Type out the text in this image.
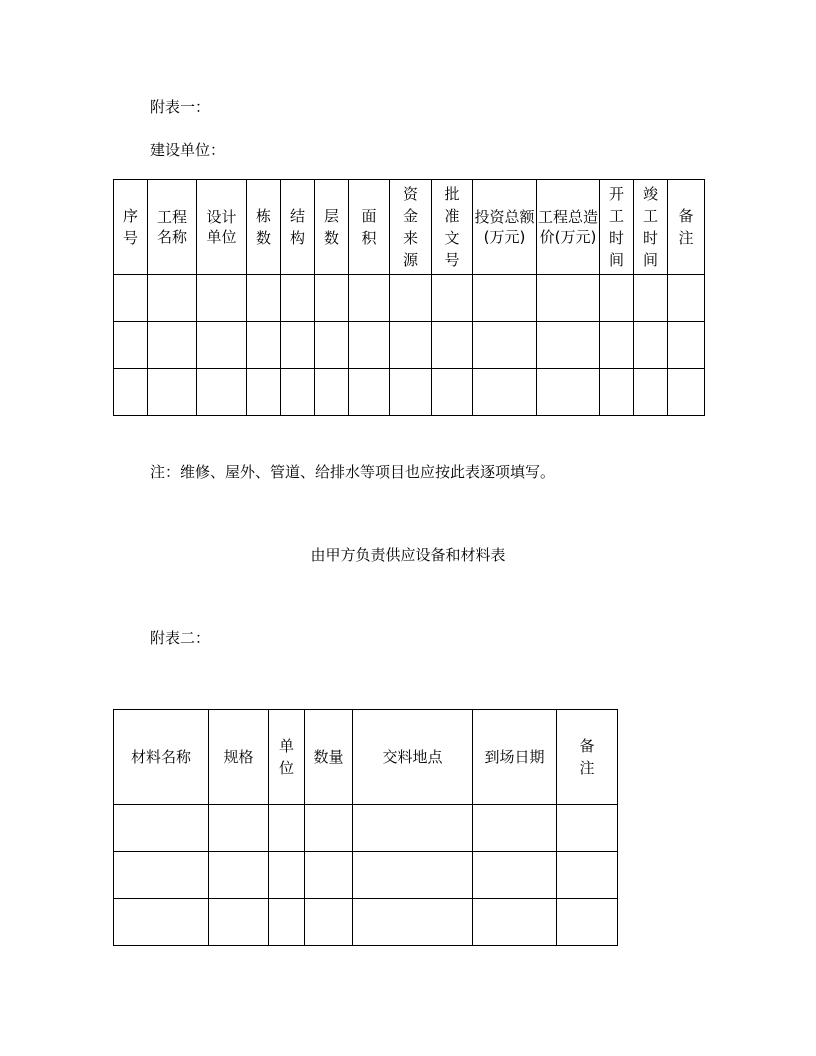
附表一：
建设单位：
序号	工程名称	设计单位	栋数	结构	层数	面积	资金来源	批准文号	投资总额(万元)	工程总造价(万元)	开工时间	竣工时间	备注

注：维修、屋外、管道、给排水等项目也应按此表逐项填写。
由甲方负责供应设备和材料表
附表二：
材料名称	规格	单位	数量	交料地点	到场日期	备注
